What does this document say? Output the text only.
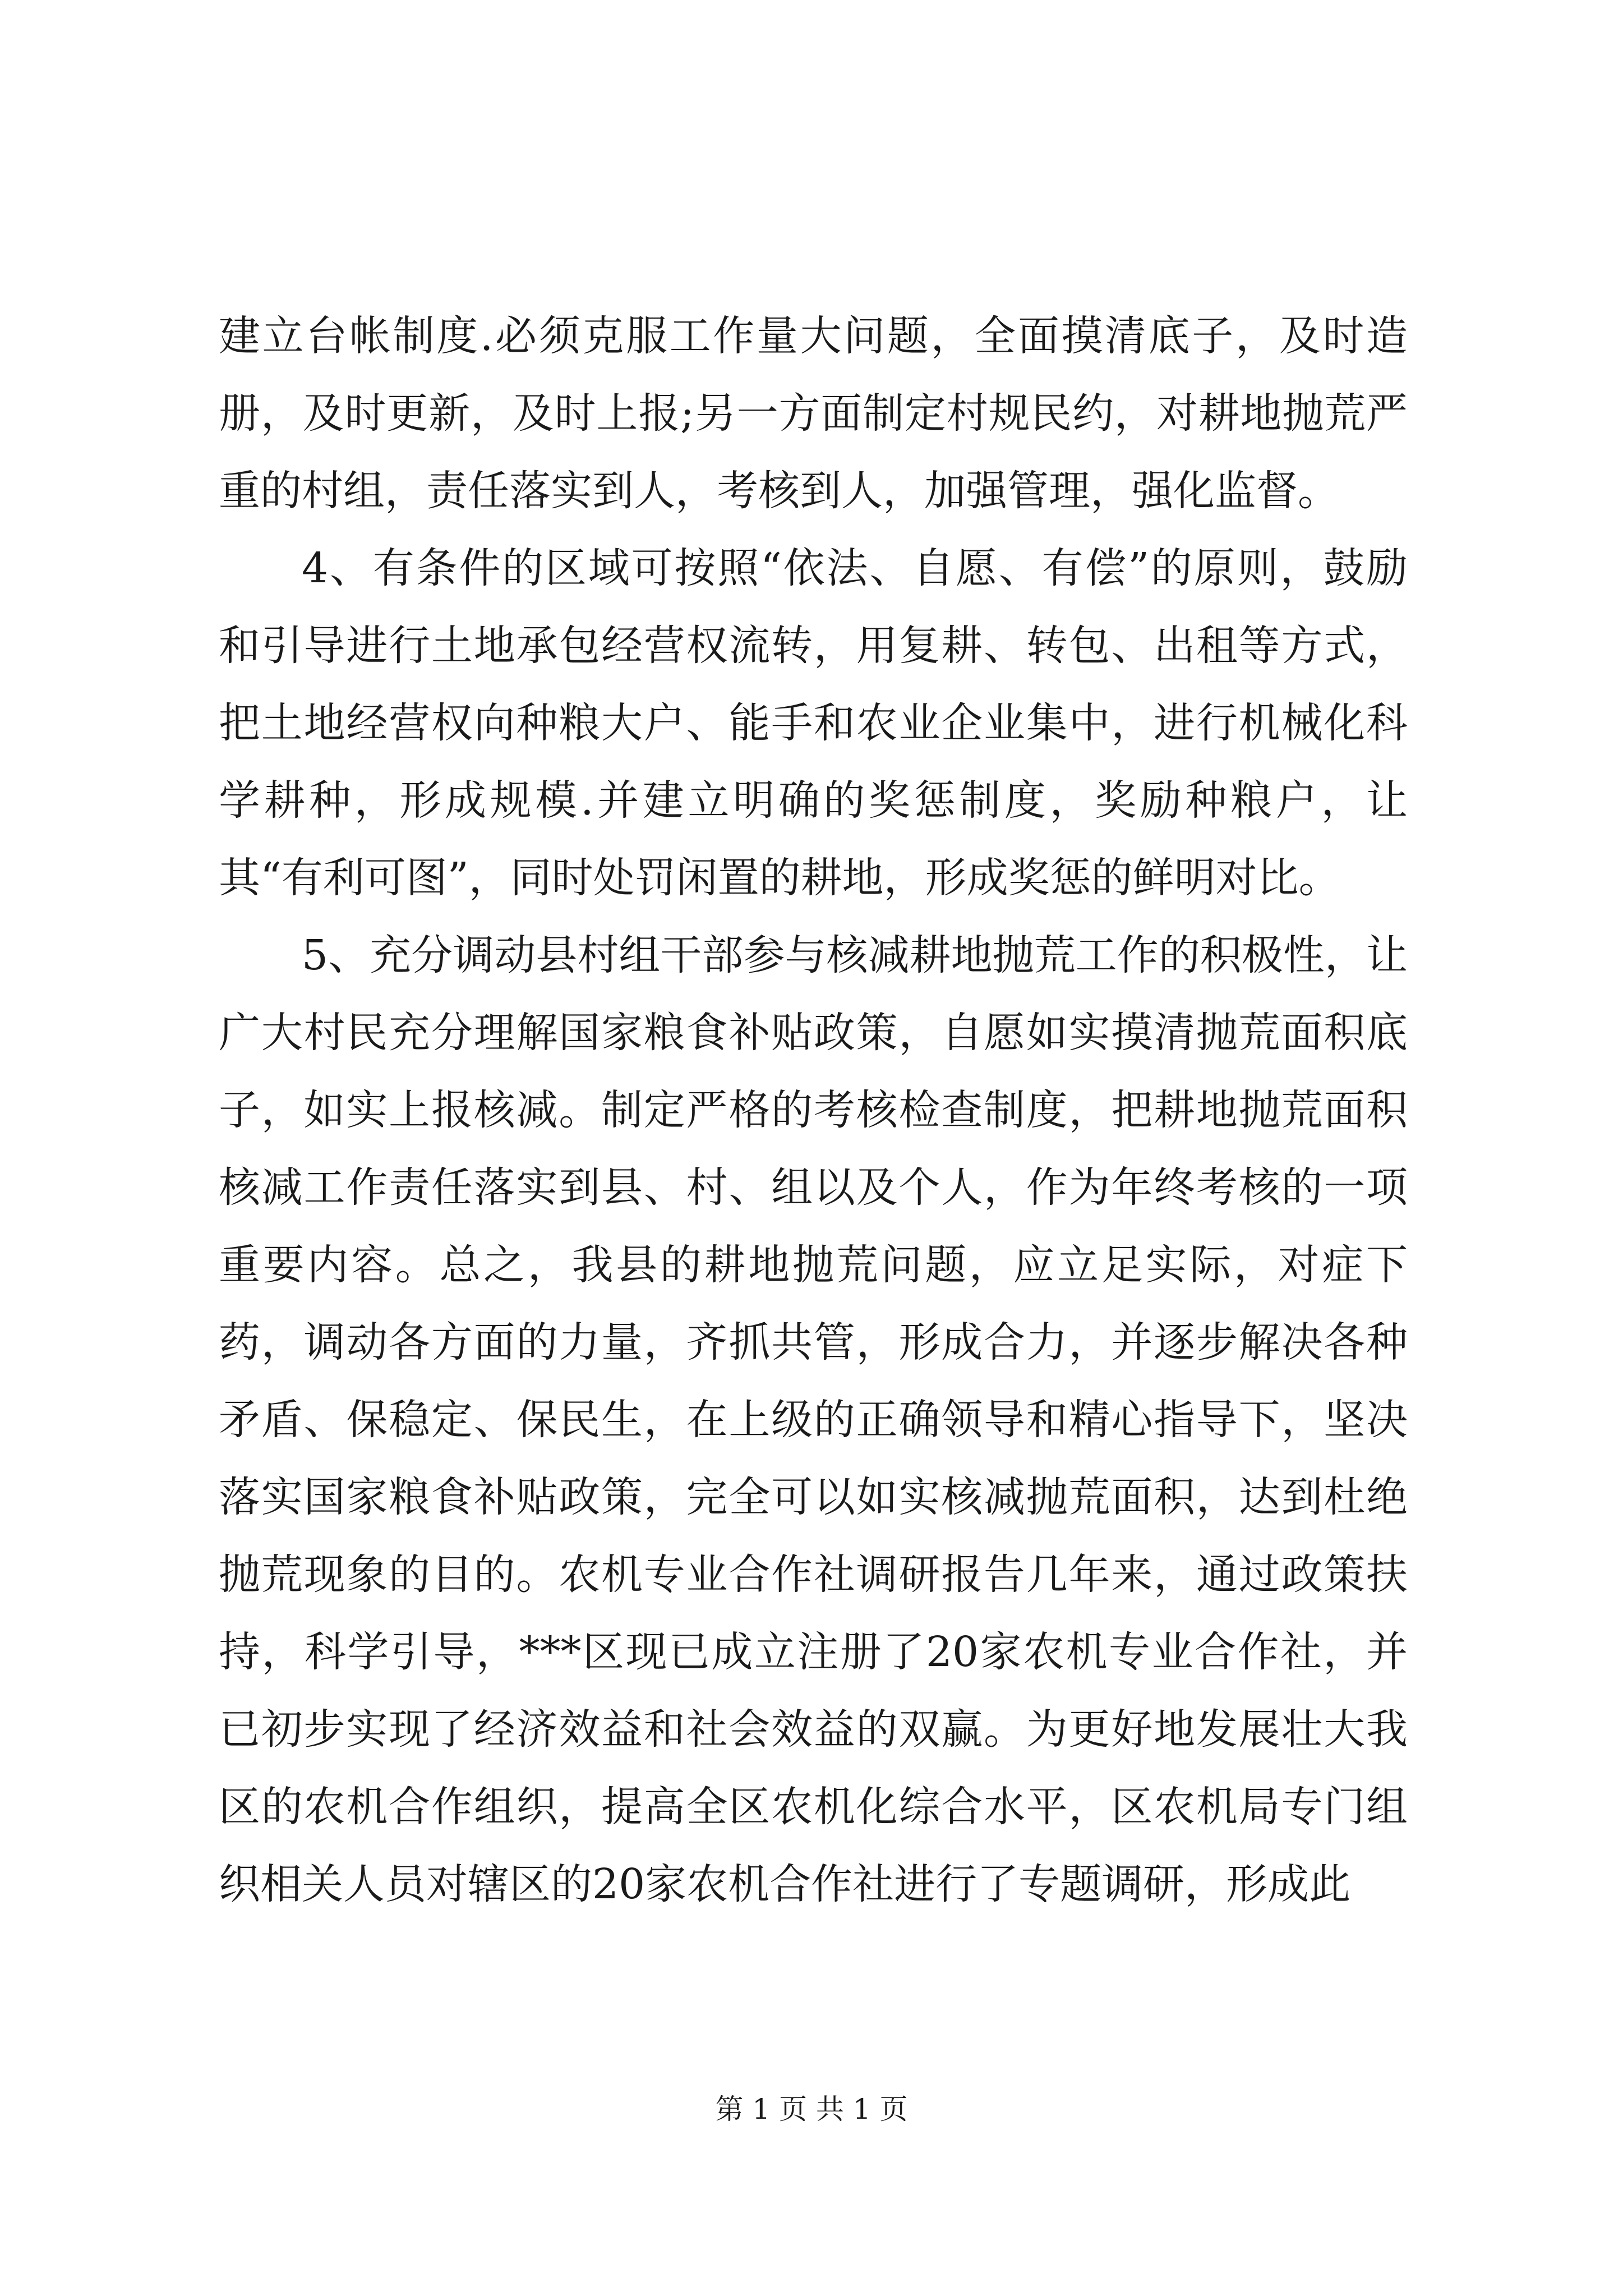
建立台帐制度.必须克服工作量大问题，全面摸清底子，及时造册，及时更新，及时上报;另一方面制定村规民约，对耕地抛荒严重的村组，责任落实到人，考核到人，加强管理，强化监督。

4、有条件的区域可按照“依法、自愿、有偿”的原则，鼓励和引导进行土地承包经营权流转，用复耕、转包、出租等方式，把土地经营权向种粮大户、能手和农业企业集中，进行机械化科学耕种，形成规模.并建立明确的奖惩制度，奖励种粮户，让其“有利可图”，同时处罚闲置的耕地，形成奖惩的鲜明对比。

5、充分调动县村组干部参与核减耕地抛荒工作的积极性，让广大村民充分理解国家粮食补贴政策，自愿如实摸清抛荒面积底子，如实上报核减。制定严格的考核检查制度，把耕地抛荒面积核减工作责任落实到县、村、组以及个人，作为年终考核的一项重要内容。总之，我县的耕地抛荒问题，应立足实际，对症下药，调动各方面的力量，齐抓共管，形成合力，并逐步解决各种矛盾、保稳定、保民生，在上级的正确领导和精心指导下，坚决落实国家粮食补贴政策，完全可以如实核减抛荒面积，达到杜绝抛荒现象的目的。农机专业合作社调研报告几年来，通过政策扶持，科学引导，***区现已成立注册了20家农机专业合作社，并已初步实现了经济效益和社会效益的双赢。为更好地发展壮大我区的农机合作组织，提高全区农机化综合水平，区农机局专门组织相关人员对辖区的20家农机合作社进行了专题调研，形成此

第 1 页 共 1 页
